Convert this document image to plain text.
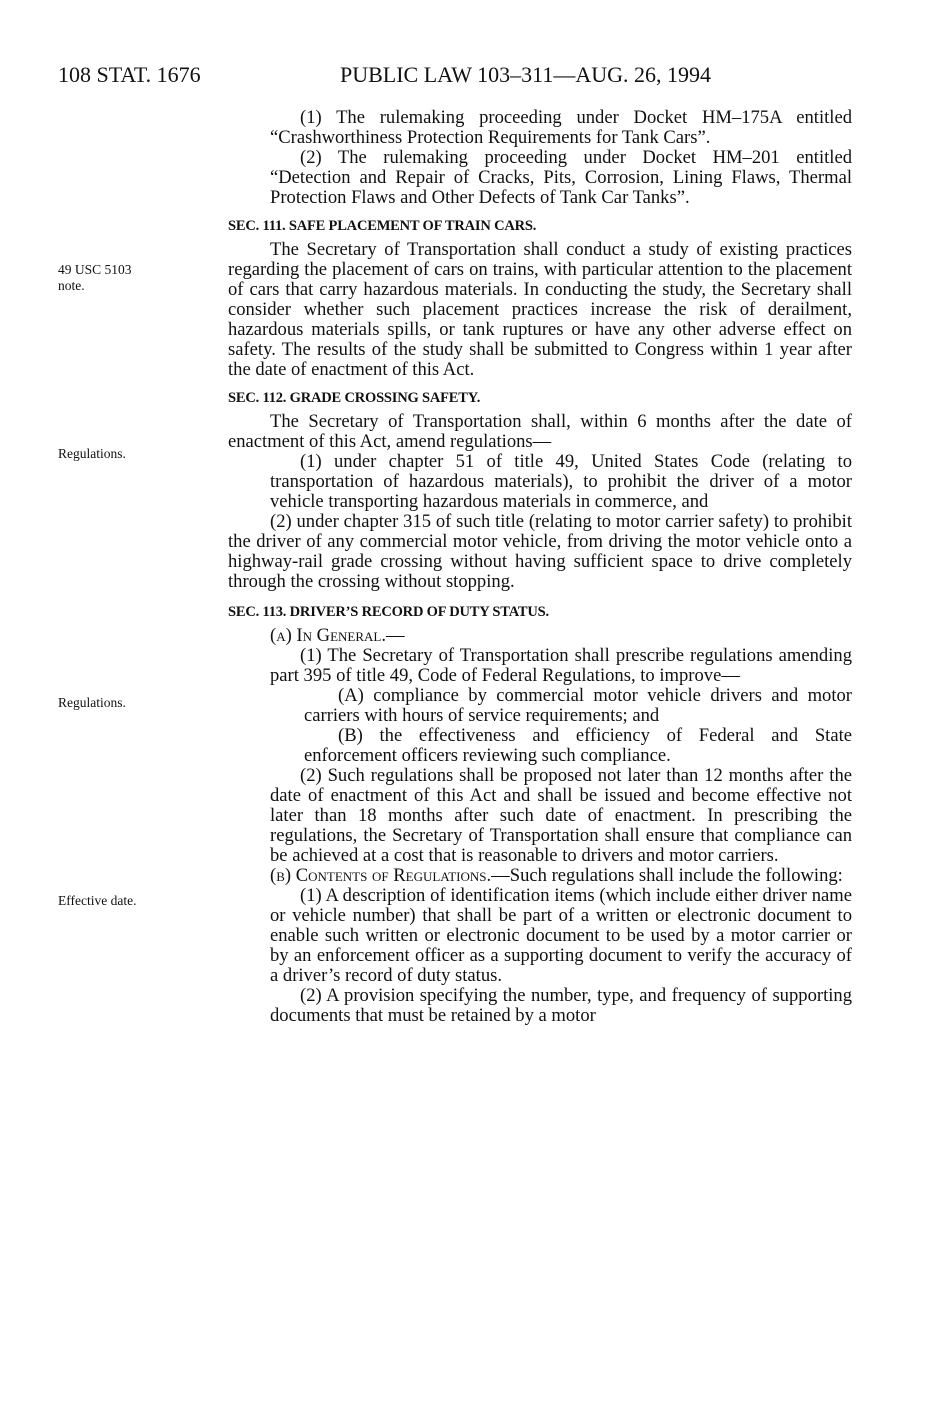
108 STAT. 1676	PUBLIC LAW 103–311—AUG. 26, 1994
49 USC 5103
note.
Regulations.
Regulations.
Effective date.

(1) The rulemaking proceeding under Docket HM–175A entitled “Crashworthiness Protection Requirements for Tank Cars”.

(2) The rulemaking proceeding under Docket HM–201 entitled “Detection and Repair of Cracks, Pits, Corrosion, Lining Flaws, Thermal Protection Flaws and Other Defects of Tank Car Tanks”.

SEC. 111. SAFE PLACEMENT OF TRAIN CARS.

The Secretary of Transportation shall conduct a study of existing practices regarding the placement of cars on trains, with particular attention to the placement of cars that carry hazardous materials. In conducting the study, the Secretary shall consider whether such placement practices increase the risk of derailment, hazardous materials spills, or tank ruptures or have any other adverse effect on safety. The results of the study shall be submitted to Congress within 1 year after the date of enactment of this Act.

SEC. 112. GRADE CROSSING SAFETY.

The Secretary of Transportation shall, within 6 months after the date of enactment of this Act, amend regulations—

(1) under chapter 51 of title 49, United States Code (relating to transportation of hazardous materials), to prohibit the driver of a motor vehicle transporting hazardous materials in commerce, and

(2) under chapter 315 of such title (relating to motor carrier safety) to prohibit the driver of any commercial motor vehicle, from driving the motor vehicle onto a highway-rail grade crossing without having sufficient space to drive completely through the crossing without stopping.

SEC. 113. DRIVER’S RECORD OF DUTY STATUS.

(a) In General.—

(1) The Secretary of Transportation shall prescribe regulations amending part 395 of title 49, Code of Federal Regulations, to improve—

(A) compliance by commercial motor vehicle drivers and motor carriers with hours of service requirements; and

(B) the effectiveness and efficiency of Federal and State enforcement officers reviewing such compliance.

(2) Such regulations shall be proposed not later than 12 months after the date of enactment of this Act and shall be issued and become effective not later than 18 months after such date of enactment. In prescribing the regulations, the Secretary of Transportation shall ensure that compliance can be achieved at a cost that is reasonable to drivers and motor carriers.

(b) Contents of Regulations.—Such regulations shall include the following:

(1) A description of identification items (which include either driver name or vehicle number) that shall be part of a written or electronic document to enable such written or electronic document to be used by a motor carrier or by an enforcement officer as a supporting document to verify the accuracy of a driver’s record of duty status.

(2) A provision specifying the number, type, and frequency of supporting documents that must be retained by a motor
